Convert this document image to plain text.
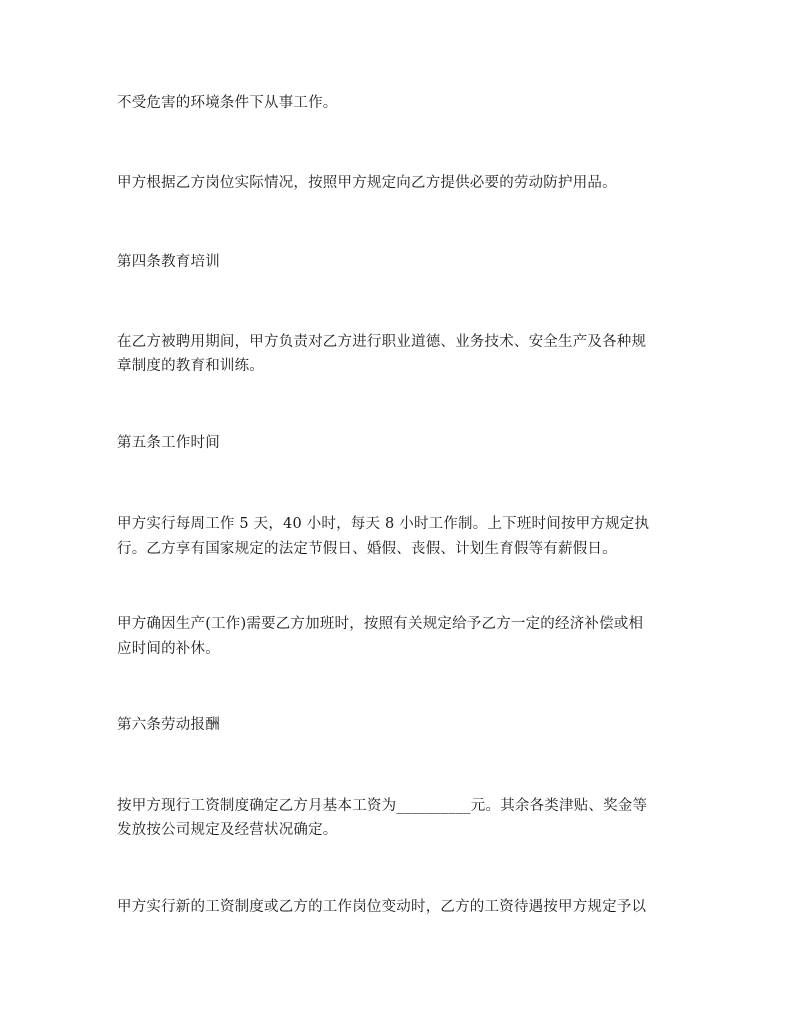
不受危害的环境条件下从事工作。

甲方根据乙方岗位实际情况，按照甲方规定向乙方提供必要的劳动防护用品。

第四条教育培训

在乙方被聘用期间，甲方负责对乙方进行职业道德、业务技术、安全生产及各种规

章制度的教育和训练。

第五条工作时间

甲方实行每周工作 5 天，40 小时，每天 8 小时工作制。上下班时间按甲方规定执

行。乙方享有国家规定的法定节假日、婚假、丧假、计划生育假等有薪假日。

甲方确因生产(工作)需要乙方加班时，按照有关规定给予乙方一定的经济补偿或相

应时间的补休。

第六条劳动报酬

按甲方现行工资制度确定乙方月基本工资为__________元。其余各类津贴、奖金等

发放按公司规定及经营状况确定。

甲方实行新的工资制度或乙方的工作岗位变动时，乙方的工资待遇按甲方规定予以
